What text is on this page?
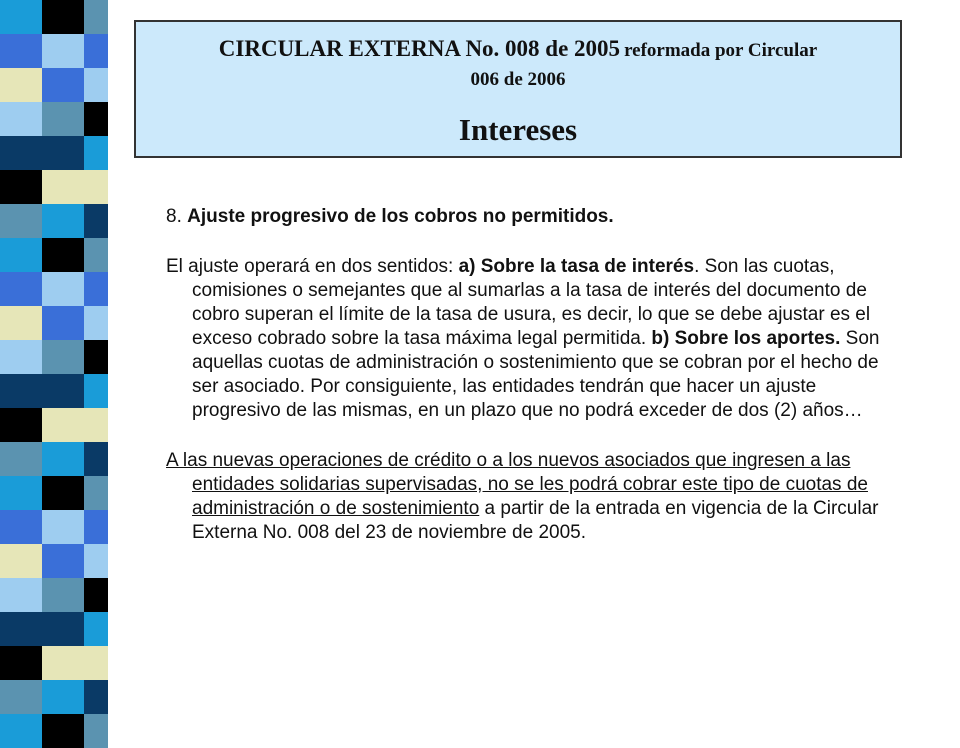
CIRCULAR EXTERNA No. 008 de 2005 reformada por Circular
006 de 2006
Intereses

8. Ajuste progresivo de los cobros no permitidos.

El ajuste operará en dos sentidos: a) Sobre la tasa de interés. Son las cuotas, comisiones o semejantes que al sumarlas a la tasa de interés del documento de cobro superan el límite de la tasa de usura, es decir, lo que se debe ajustar es el exceso cobrado sobre la tasa máxima legal permitida. b) Sobre los aportes. Son aquellas cuotas de administración o sostenimiento que se cobran por el hecho de ser asociado. Por consiguiente, las entidades tendrán que hacer un ajuste progresivo de las mismas, en un plazo que no podrá exceder de dos (2) años…

A las nuevas operaciones de crédito o a los nuevos asociados que ingresen a las entidades solidarias supervisadas, no se les podrá cobrar este tipo de cuotas de administración o de sostenimiento a partir de la entrada en vigencia de la Circular Externa No. 008 del 23 de noviembre de 2005.
